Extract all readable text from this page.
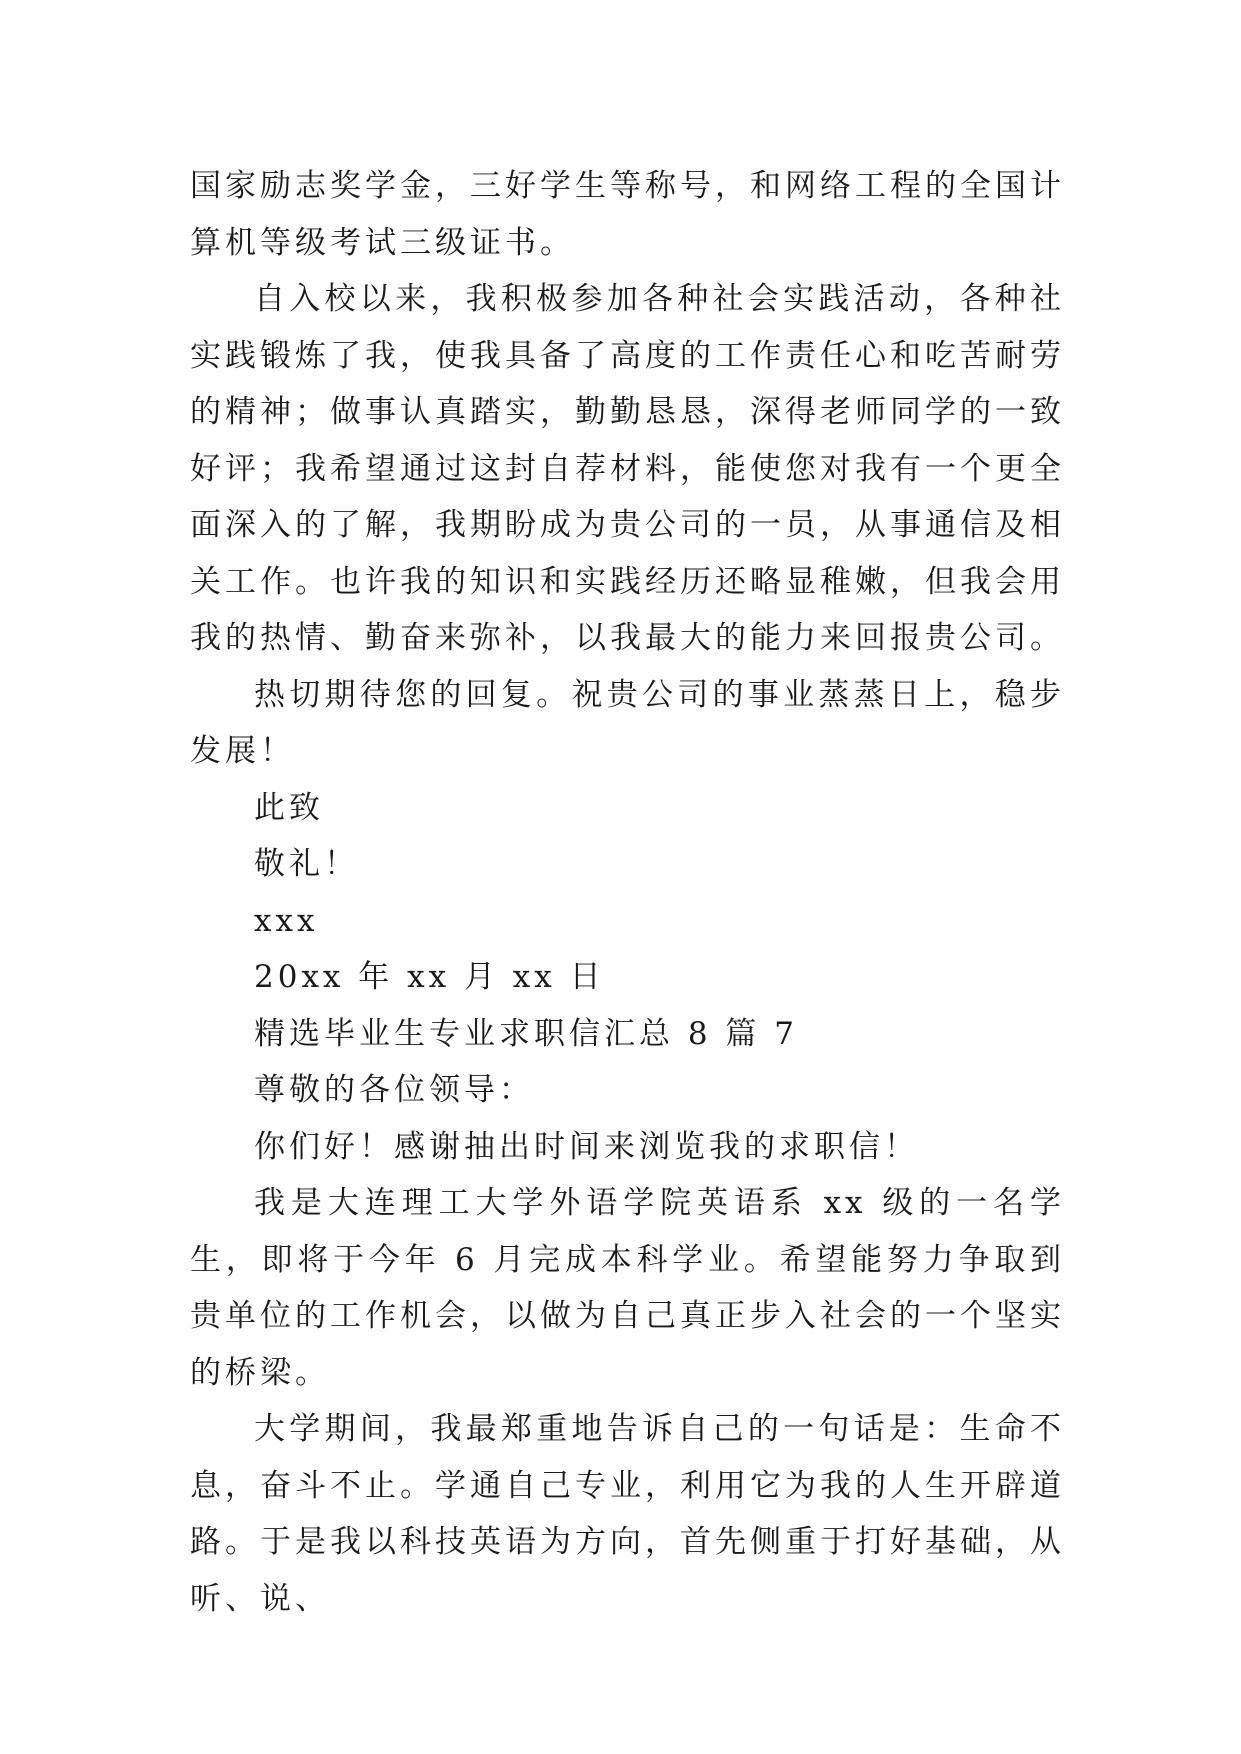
国家励志奖学金，三好学生等称号，和网络工程的全国计算机等级考试三级证书。

自入校以来，我积极参加各种社会实践活动，各种社实践锻炼了我，使我具备了高度的工作责任心和吃苦耐劳的精神；做事认真踏实，勤勤恳恳，深得老师同学的一致好评；我希望通过这封自荐材料，能使您对我有一个更全面深入的了解，我期盼成为贵公司的一员，从事通信及相关工作。也许我的知识和实践经历还略显稚嫩，但我会用我的热情、勤奋来弥补，以我最大的能力来回报贵公司。

热切期待您的回复。祝贵公司的事业蒸蒸日上，稳步发展！

此致

敬礼！

xxx

20xx 年 xx 月 xx 日

精选毕业生专业求职信汇总 8 篇 7

尊敬的各位领导：

你们好！感谢抽出时间来浏览我的求职信！

我是大连理工大学外语学院英语系 xx 级的一名学生，即将于今年 6 月完成本科学业。希望能努力争取到贵单位的工作机会，以做为自己真正步入社会的一个坚实的桥梁。

大学期间，我最郑重地告诉自己的一句话是：生命不息，奋斗不止。学通自己专业，利用它为我的人生开辟道路。于是我以科技英语为方向，首先侧重于打好基础，从听、说、
